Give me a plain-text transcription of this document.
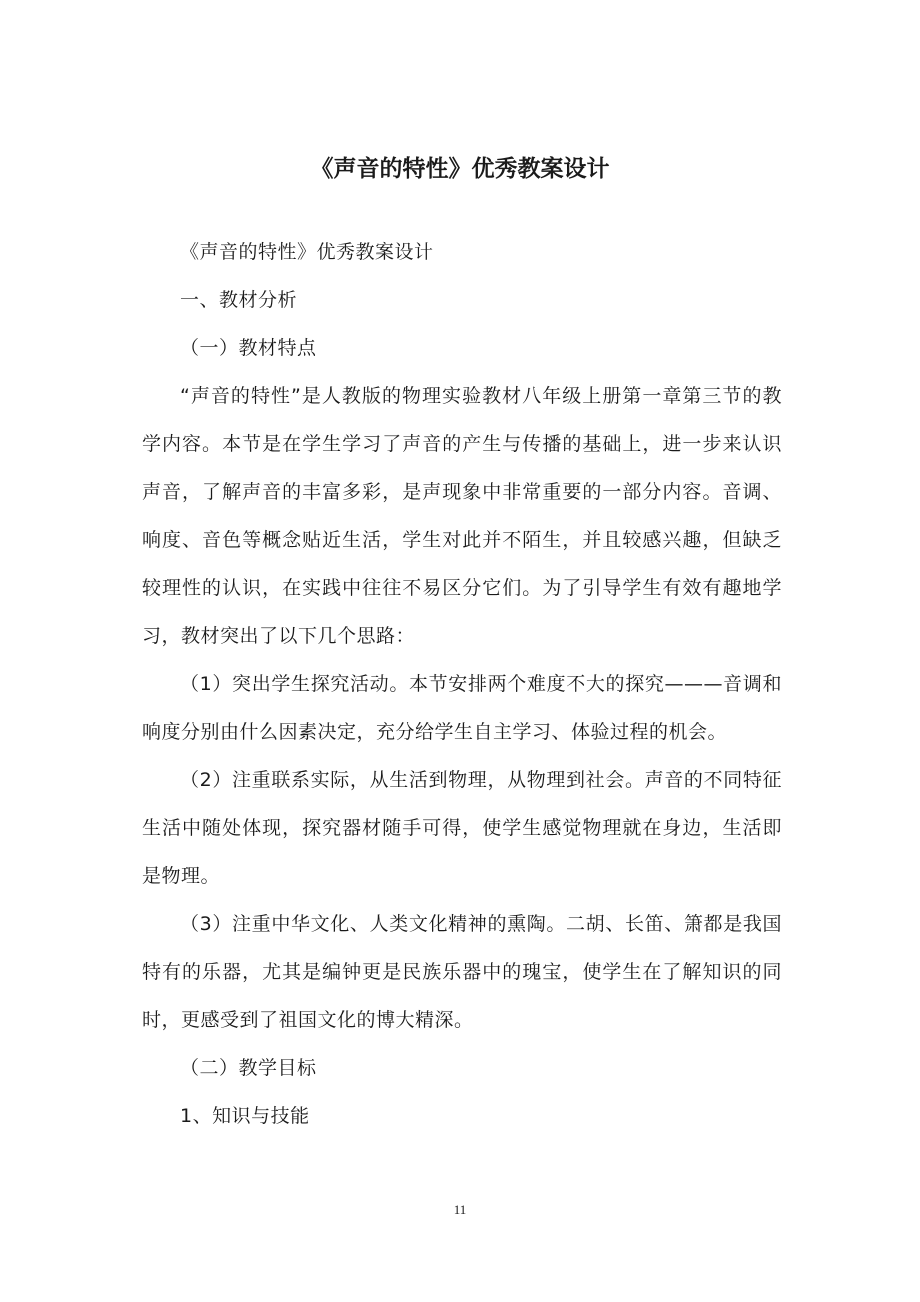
《声音的特性》优秀教案设计

《声音的特性》优秀教案设计

一、教材分析

（一）教材特点

“声音的特性”是人教版的物理实验教材八年级上册第一章第三节的教学内容。本节是在学生学习了声音的产生与传播的基础上，进一步来认识声音，了解声音的丰富多彩，是声现象中非常重要的一部分内容。音调、响度、音色等概念贴近生活，学生对此并不陌生，并且较感兴趣，但缺乏较理性的认识，在实践中往往不易区分它们。为了引导学生有效有趣地学习，教材突出了以下几个思路：

（1）突出学生探究活动。本节安排两个难度不大的探究———音调和响度分别由什么因素决定，充分给学生自主学习、体验过程的机会。

（2）注重联系实际，从生活到物理，从物理到社会。声音的不同特征生活中随处体现，探究器材随手可得，使学生感觉物理就在身边，生活即是物理。

（3）注重中华文化、人类文化精神的熏陶。二胡、长笛、箫都是我国特有的乐器，尤其是编钟更是民族乐器中的瑰宝，使学生在了解知识的同时，更感受到了祖国文化的博大精深。

（二）教学目标

1、知识与技能

11
